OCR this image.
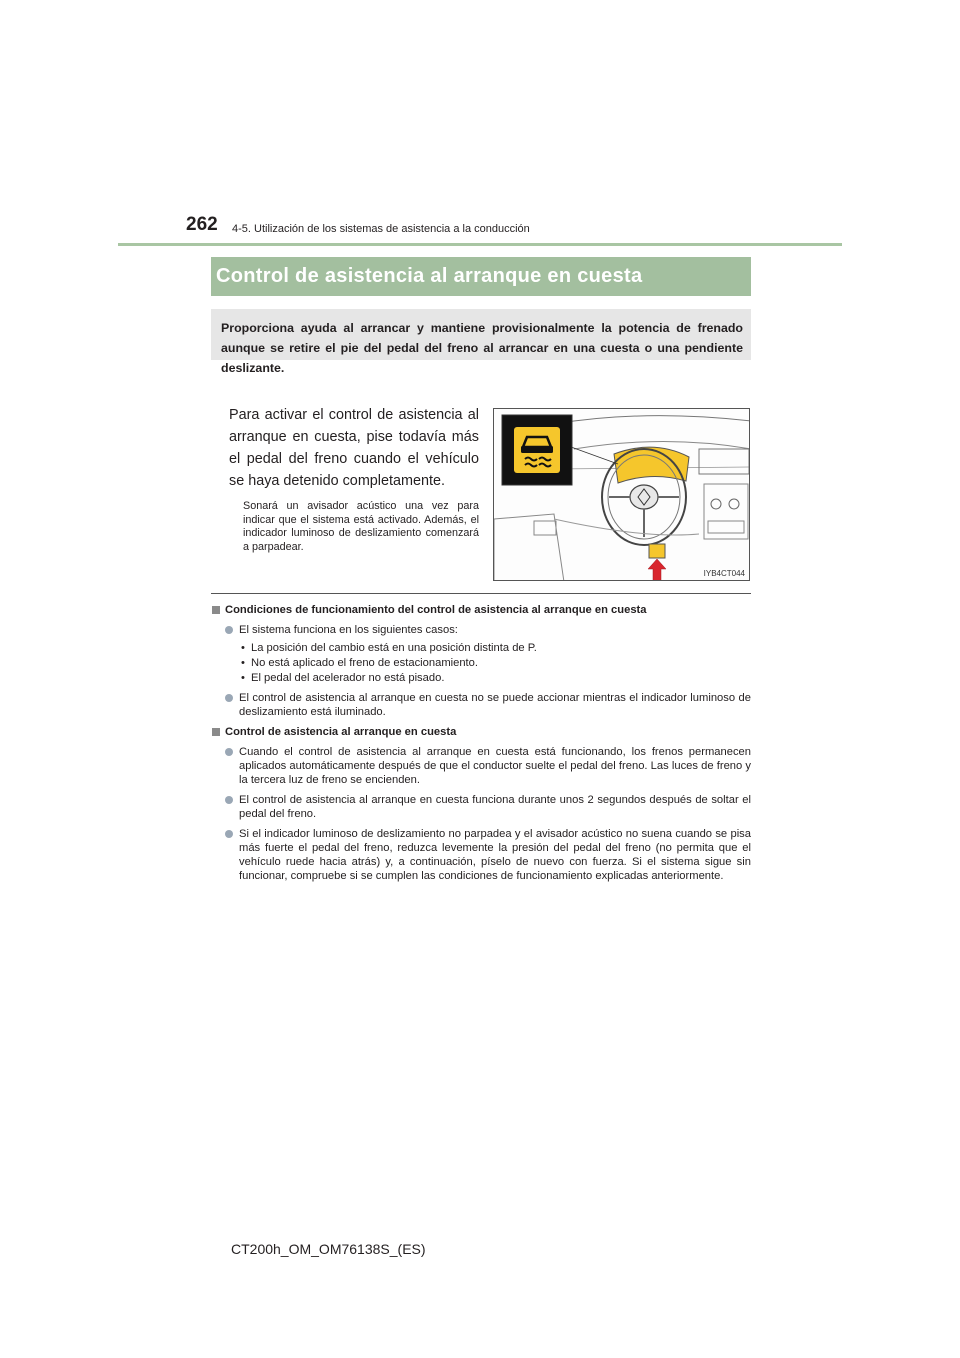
262 4-5. Utilización de los sistemas de asistencia a la conducción
Control de asistencia al arranque en cuesta
Proporciona ayuda al arrancar y mantiene provisionalmente la potencia de frenado aunque se retire el pie del pedal del freno al arrancar en una cuesta o una pendiente deslizante.
Para activar el control de asistencia al arranque en cuesta, pise todavía más el pedal del freno cuando el vehículo se haya detenido completamente.
Sonará un avisador acústico una vez para indicar que el sistema está activado. Además, el indicador luminoso de deslizamiento comenzará a parpadear.
IYB4CT044
Condiciones de funcionamiento del control de asistencia al arranque en cuesta
El sistema funciona en los siguientes casos:
• La posición del cambio está en una posición distinta de P.
• No está aplicado el freno de estacionamiento.
• El pedal del acelerador no está pisado.
El control de asistencia al arranque en cuesta no se puede accionar mientras el indicador luminoso de deslizamiento está iluminado.
Control de asistencia al arranque en cuesta
Cuando el control de asistencia al arranque en cuesta está funcionando, los frenos permanecen aplicados automáticamente después de que el conductor suelte el pedal del freno. Las luces de freno y la tercera luz de freno se encienden.
El control de asistencia al arranque en cuesta funciona durante unos 2 segundos después de soltar el pedal del freno.
Si el indicador luminoso de deslizamiento no parpadea y el avisador acústico no suena cuando se pisa más fuerte el pedal del freno, reduzca levemente la presión del pedal del freno (no permita que el vehículo ruede hacia atrás) y, a continuación, píselo de nuevo con fuerza. Si el sistema sigue sin funcionar, compruebe si se cumplen las condiciones de funcionamiento explicadas anteriormente.
CT200h_OM_OM76138S_(ES)
